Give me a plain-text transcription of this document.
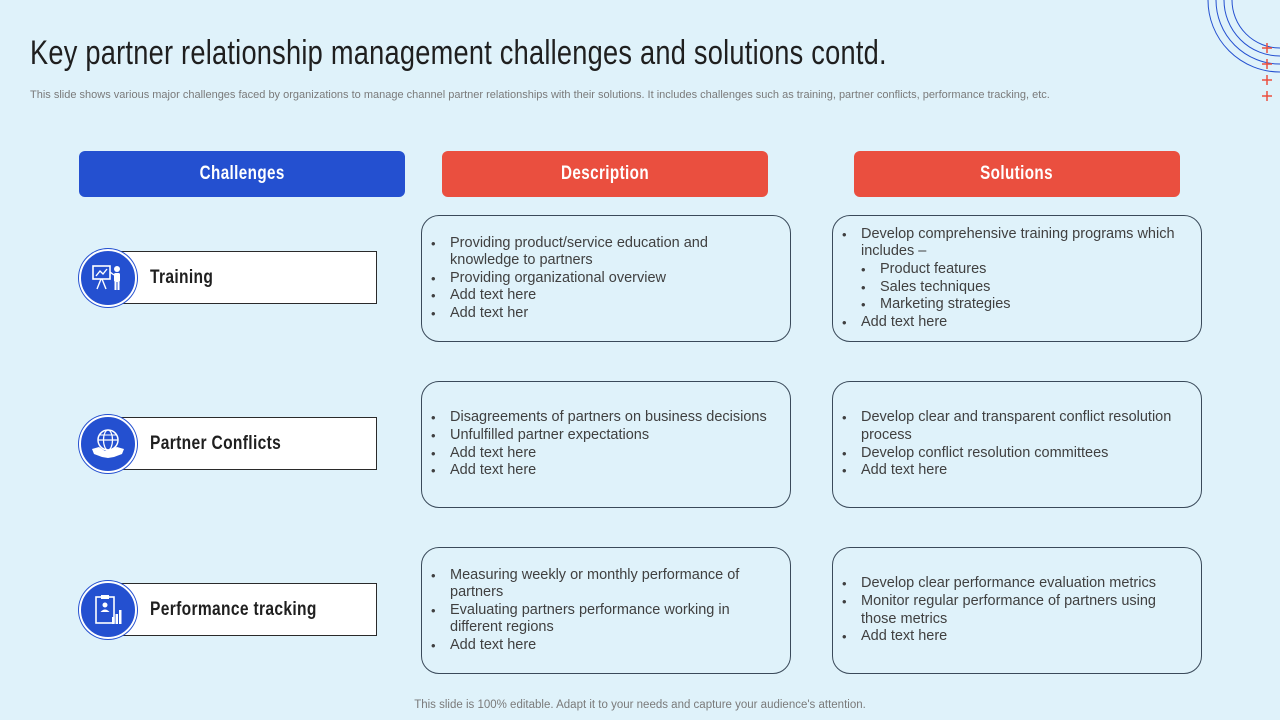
Key partner relationship management challenges and solutions contd.
This slide shows various major challenges faced by organizations to manage channel partner relationships with their solutions. It includes challenges such as training, partner conflicts, performance tracking, etc.
Challenges	Description	Solutions
Training
• Providing product/service education and knowledge to partners
• Providing organizational overview
• Add text here
• Add text her
• Develop comprehensive training programs which includes –
• Product features
• Sales techniques
• Marketing strategies
• Add text here
Partner Conflicts
• Disagreements of partners on business decisions
• Unfulfilled partner expectations
• Add text here
• Add text here
• Develop clear and transparent conflict resolution process
• Develop conflict resolution committees
• Add text here
Performance tracking
• Measuring weekly or monthly performance of partners
• Evaluating partners performance working in different regions
• Add text here
• Develop clear performance evaluation metrics
• Monitor regular performance of partners using those metrics
• Add text here
This slide is 100% editable. Adapt it to your needs and capture your audience's attention.
